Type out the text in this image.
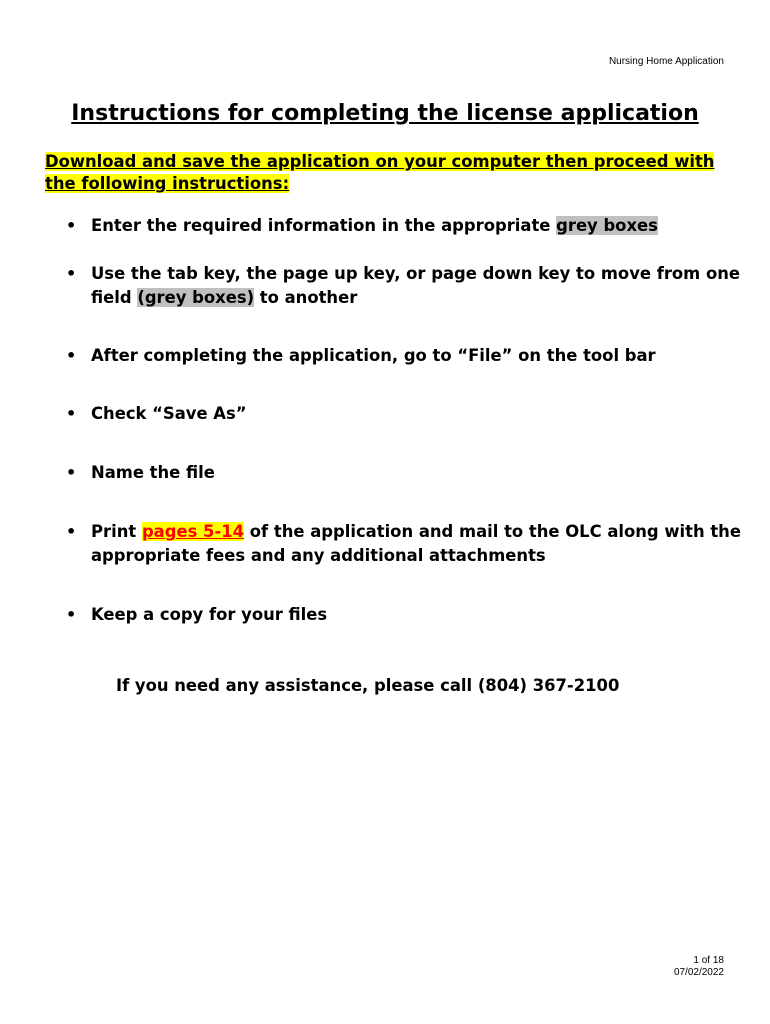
Nursing Home Application
Instructions for completing the license application

Download and save the application on your computer then proceed with the following instructions:

• Enter the required information in the appropriate grey boxes
• Use the tab key, the page up key, or page down key to move from one field (grey boxes) to another
• After completing the application, go to “File” on the tool bar
• Check “Save As”
• Name the file
• Print pages 5-14 of the application and mail to the OLC along with the appropriate fees and any additional attachments
• Keep a copy for your files

If you need any assistance, please call (804) 367-2100

1 of 18
07/02/2022
